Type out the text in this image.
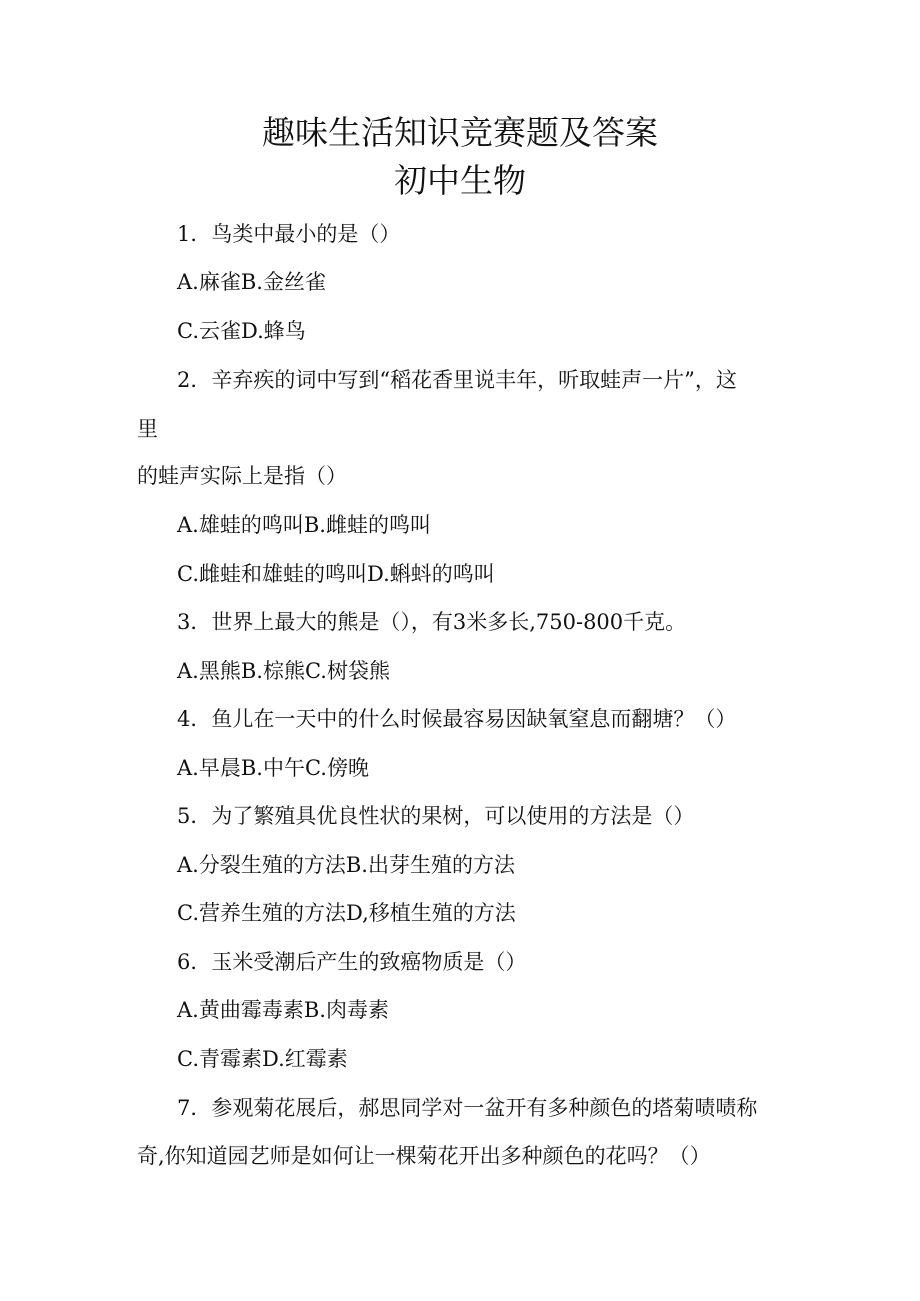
趣味生活知识竞赛题及答案
初中生物
1．鸟类中最小的是（）
A.麻雀B.金丝雀
C.云雀D.蜂鸟
2．辛弃疾的词中写到“稻花香里说丰年，听取蛙声一片”，这
里
的蛙声实际上是指（）
A.雄蛙的鸣叫B.雌蛙的鸣叫
C.雌蛙和雄蛙的鸣叫D.蝌蚪的鸣叫
3．世界上最大的熊是（），有3米多长,750-800千克。
A.黑熊B.棕熊C.树袋熊
4．鱼儿在一天中的什么时候最容易因缺氧窒息而翻塘？（）
A.早晨B.中午C.傍晚
5．为了繁殖具优良性状的果树，可以使用的方法是（）
A.分裂生殖的方法B.出芽生殖的方法
C.营养生殖的方法D,移植生殖的方法
6．玉米受潮后产生的致癌物质是（）
A.黄曲霉毒素B.肉毒素
C.青霉素D.红霉素
7．参观菊花展后，郝思同学对一盆开有多种颜色的塔菊啧啧称
奇,你知道园艺师是如何让一棵菊花开出多种颜色的花吗？（）
